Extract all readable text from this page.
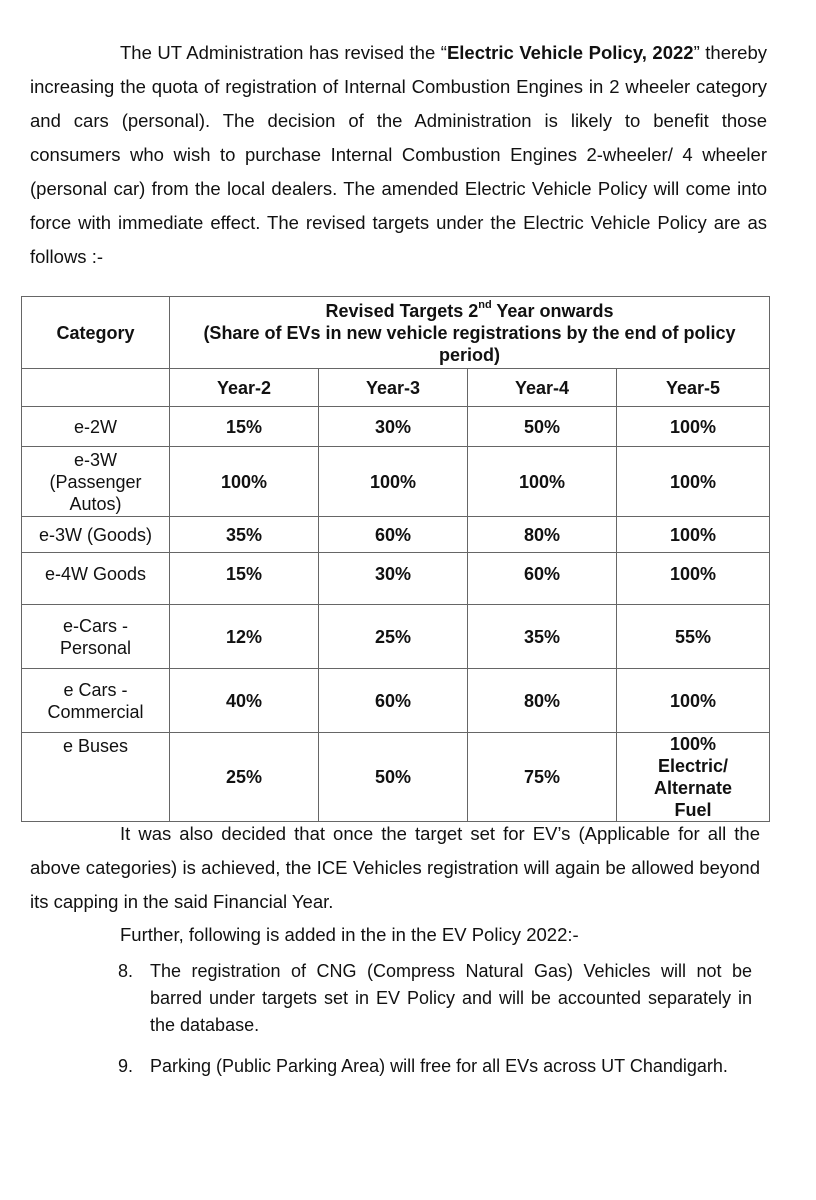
The UT Administration has revised the “Electric Vehicle Policy, 2022” thereby increasing the quota of registration of Internal Combustion Engines in 2 wheeler category and cars (personal). The decision of the Administration is likely to benefit those consumers who wish to purchase Internal Combustion Engines 2-wheeler/ 4 wheeler (personal car) from the local dealers. The amended Electric Vehicle Policy will come into force with immediate effect. The revised targets under the Electric Vehicle Policy are as follows :-
Category	Revised Targets 2nd Year onwards
(Share of EVs in new vehicle registrations by the end of policy period)			

	Year-2	Year-3	Year-4	Year-5
e-2W	15%	30%	50%	100%
e-3W (Passenger Autos)	100%	100%	100%	100%
e-3W (Goods)	35%	60%	80%	100%
e-4W Goods	15%	30%	60%	100%
e-Cars - Personal	12%	25%	35%	55%
e Cars - Commercial	40%	60%	80%	100%
e Buses	25%	50%	75%	100% Electric/ Alternate Fuel
It was also decided that once the target set for EV’s (Applicable for all the above categories) is achieved, the ICE Vehicles registration will again be allowed beyond its capping in the said Financial Year.
Further, following is added in the in the EV Policy 2022:-
8. The registration of CNG (Compress Natural Gas) Vehicles will not be barred under targets set in EV Policy and will be accounted separately in the database.
9. Parking (Public Parking Area) will free for all EVs across UT Chandigarh.
